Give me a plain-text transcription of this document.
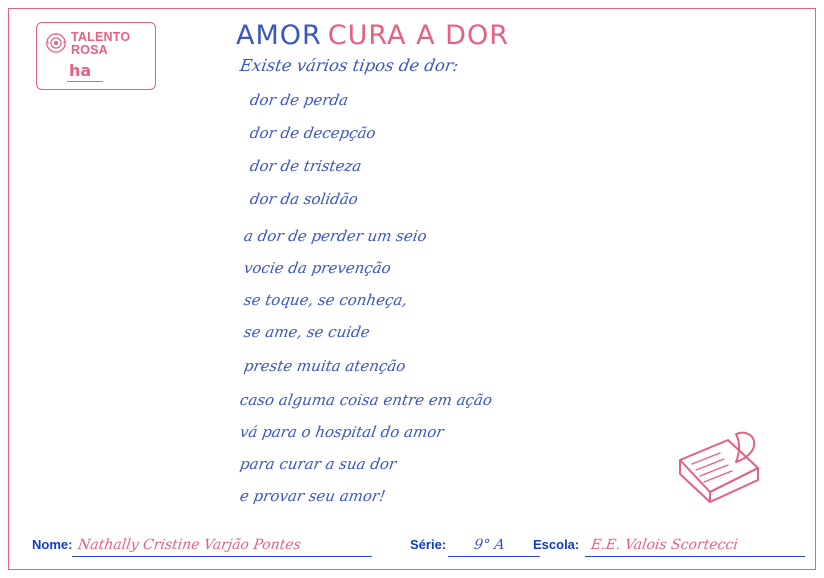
TALENTO
ROSA
ha
AMOR CURA A DOR
Existe vários tipos de dor:
dor de perda
dor de decepção
dor de tristeza
dor da solidão
a dor de perder um seio
vocie da prevenção
se toque, se conheça,
se ame, se cuide
preste muita atenção
caso alguma coisa entre em ação
vá para o hospital do amor
para curar a sua dor
e provar seu amor!
Nome: Nathally Cristine Varjão Pontes	Série: 9° A Escola: E.E. Valois Scortecci
